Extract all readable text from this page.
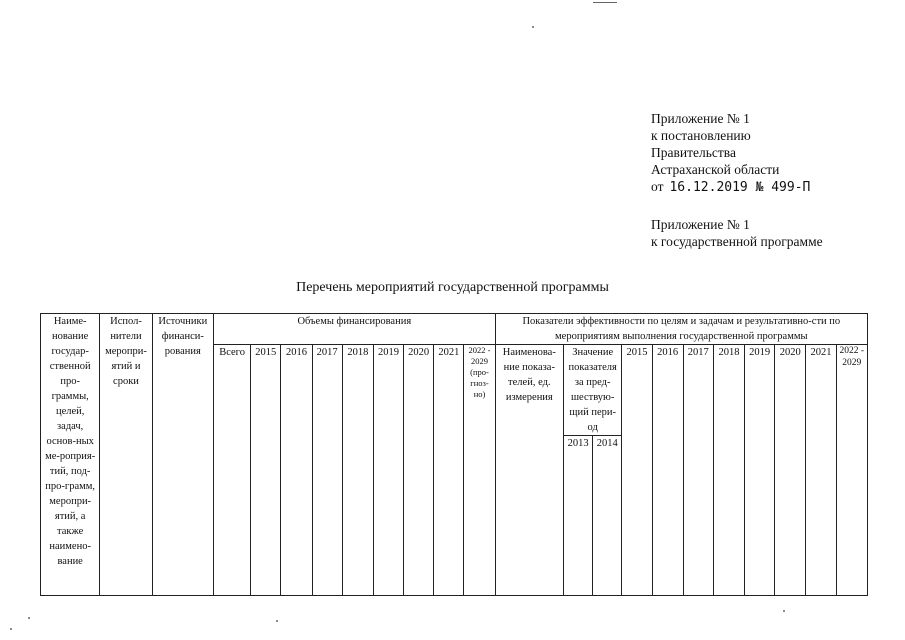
Приложение № 1
к постановлению
Правительства
Астраханской области
от 16.12.2019 № 499-П
Приложение № 1
к государственной программе
Перечень мероприятий государственной программы
Наиме-нование государ-ственной про-граммы, целей, задач, основ-ных ме-роприя-тий, под-про-грамм, меропри-ятий, а также наимено-вание	Испол-нители меропри-ятий и сроки	Источники финанси-рования	Объемы финансирования									Показатели эффективности по целям и задачам и результативно-сти по мероприятиям выполнения государственной программы										
			Всего	2015	2016	2017	2018	2019	2020	2021	2022 - 2029 (про-гноз-но)	Наименова-ние показа-телей, ед. измерения	Значение показателя за пред-шествую-щий пери-од		2015	2016	2017	2018	2019	2020	2021	2022 - 2029
													2013	2014								
